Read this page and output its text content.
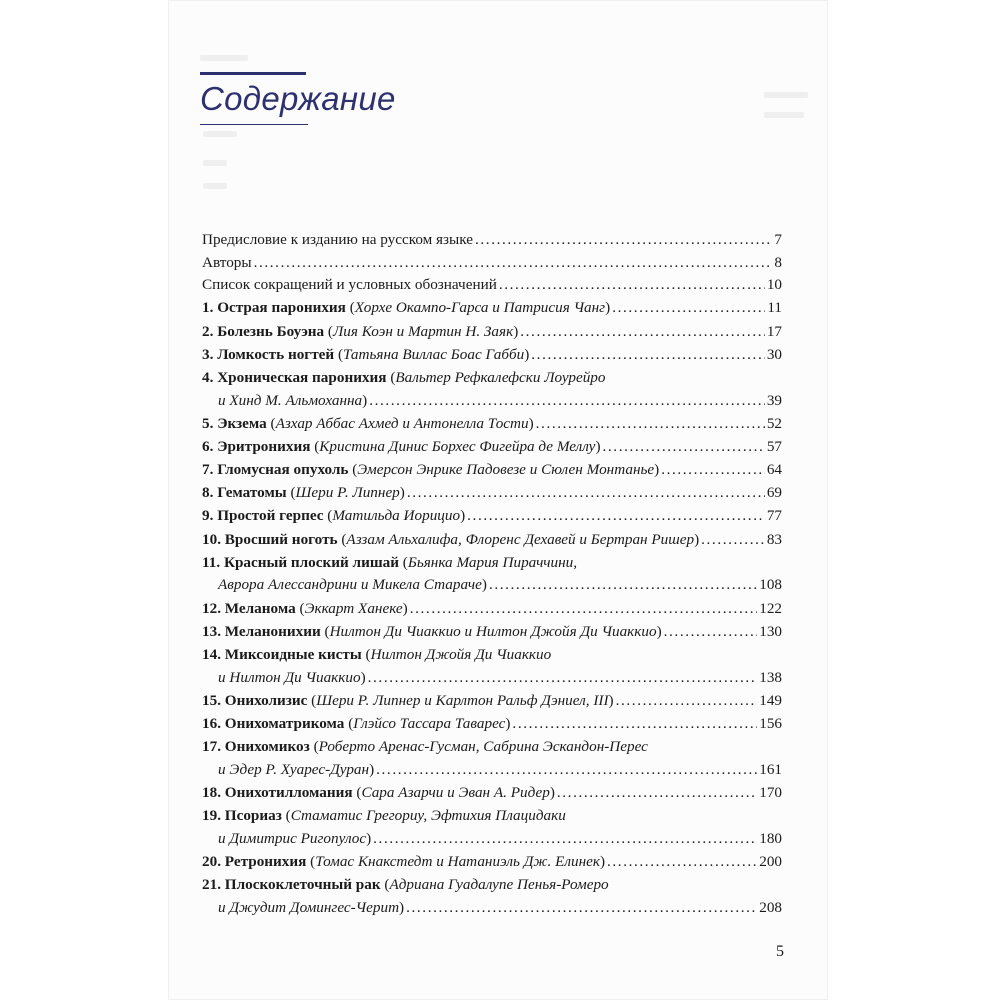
Содержание
Предисловие к изданию на русском языке .....	7
Авторы .....	8
Список сокращений и условных обозначений .....	10
1. Острая паронихия (Хорхе Окампо-Гарса и Патрисия Чанг) .....	11
2. Болезнь Боуэна (Лия Коэн и Мартин Н. Заяк) .....	17
3. Ломкость ногтей (Татьяна Виллас Боас Габби) .....	30
4. Хроническая паронихия (Вальтер Рефкалефски Лоурейро
и Хинд М. Альмоханна) .....	39
5. Экзема (Азхар Аббас Ахмед и Антонелла Тости) .....	52
6. Эритронихия (Кристина Динис Борхес Фигейра де Меллу) .....	57
7. Гломусная опухоль (Эмерсон Энрике Падовезе и Сюлен Монтанье) .....	64
8. Гематомы (Шери Р. Липнер) .....	69
9. Простой герпес (Матильда Иорицио) .....	77
10. Вросший ноготь (Аззам Альхалифа, Флоренс Дехавей и Бертран Ришер) .....	83
11. Красный плоский лишай (Бьянка Мария Пираччини,
Аврора Алессандрини и Микела Старачe) .....	108
12. Меланома (Эккарт Ханеке) .....	122
13. Меланонихии (Нилтон Ди Чиаккио и Нилтон Джойя Ди Чиаккио) .....	130
14. Миксоидные кисты (Нилтон Джойя Ди Чиаккио
и Нилтон Ди Чиаккио) .....	138
15. Онихолизис (Шери Р. Липнер и Карлтон Ральф Дэниел, III) .....	149
16. Онихоматрикома (Глэйсо Тассара Таварес) .....	156
17. Онихомикоз (Роберто Аренас-Гусман, Сабрина Эскандон-Перес
и Эдер Р. Хуарес-Дуран) .....	161
18. Онихотилломания (Сара Азарчи и Эван А. Ридер) .....	170
19. Псориаз (Стаматис Грегориу, Эфтихия Плацидаки
и Димитрис Ригопулос) .....	180
20. Ретронихия (Томас Кнакстедт и Натаниэль Дж. Елинек) .....	200
21. Плоскоклеточный рак (Адриана Гуадалупе Пенья-Ромеро
и Джудит Домингес-Черит) .....	208
5
